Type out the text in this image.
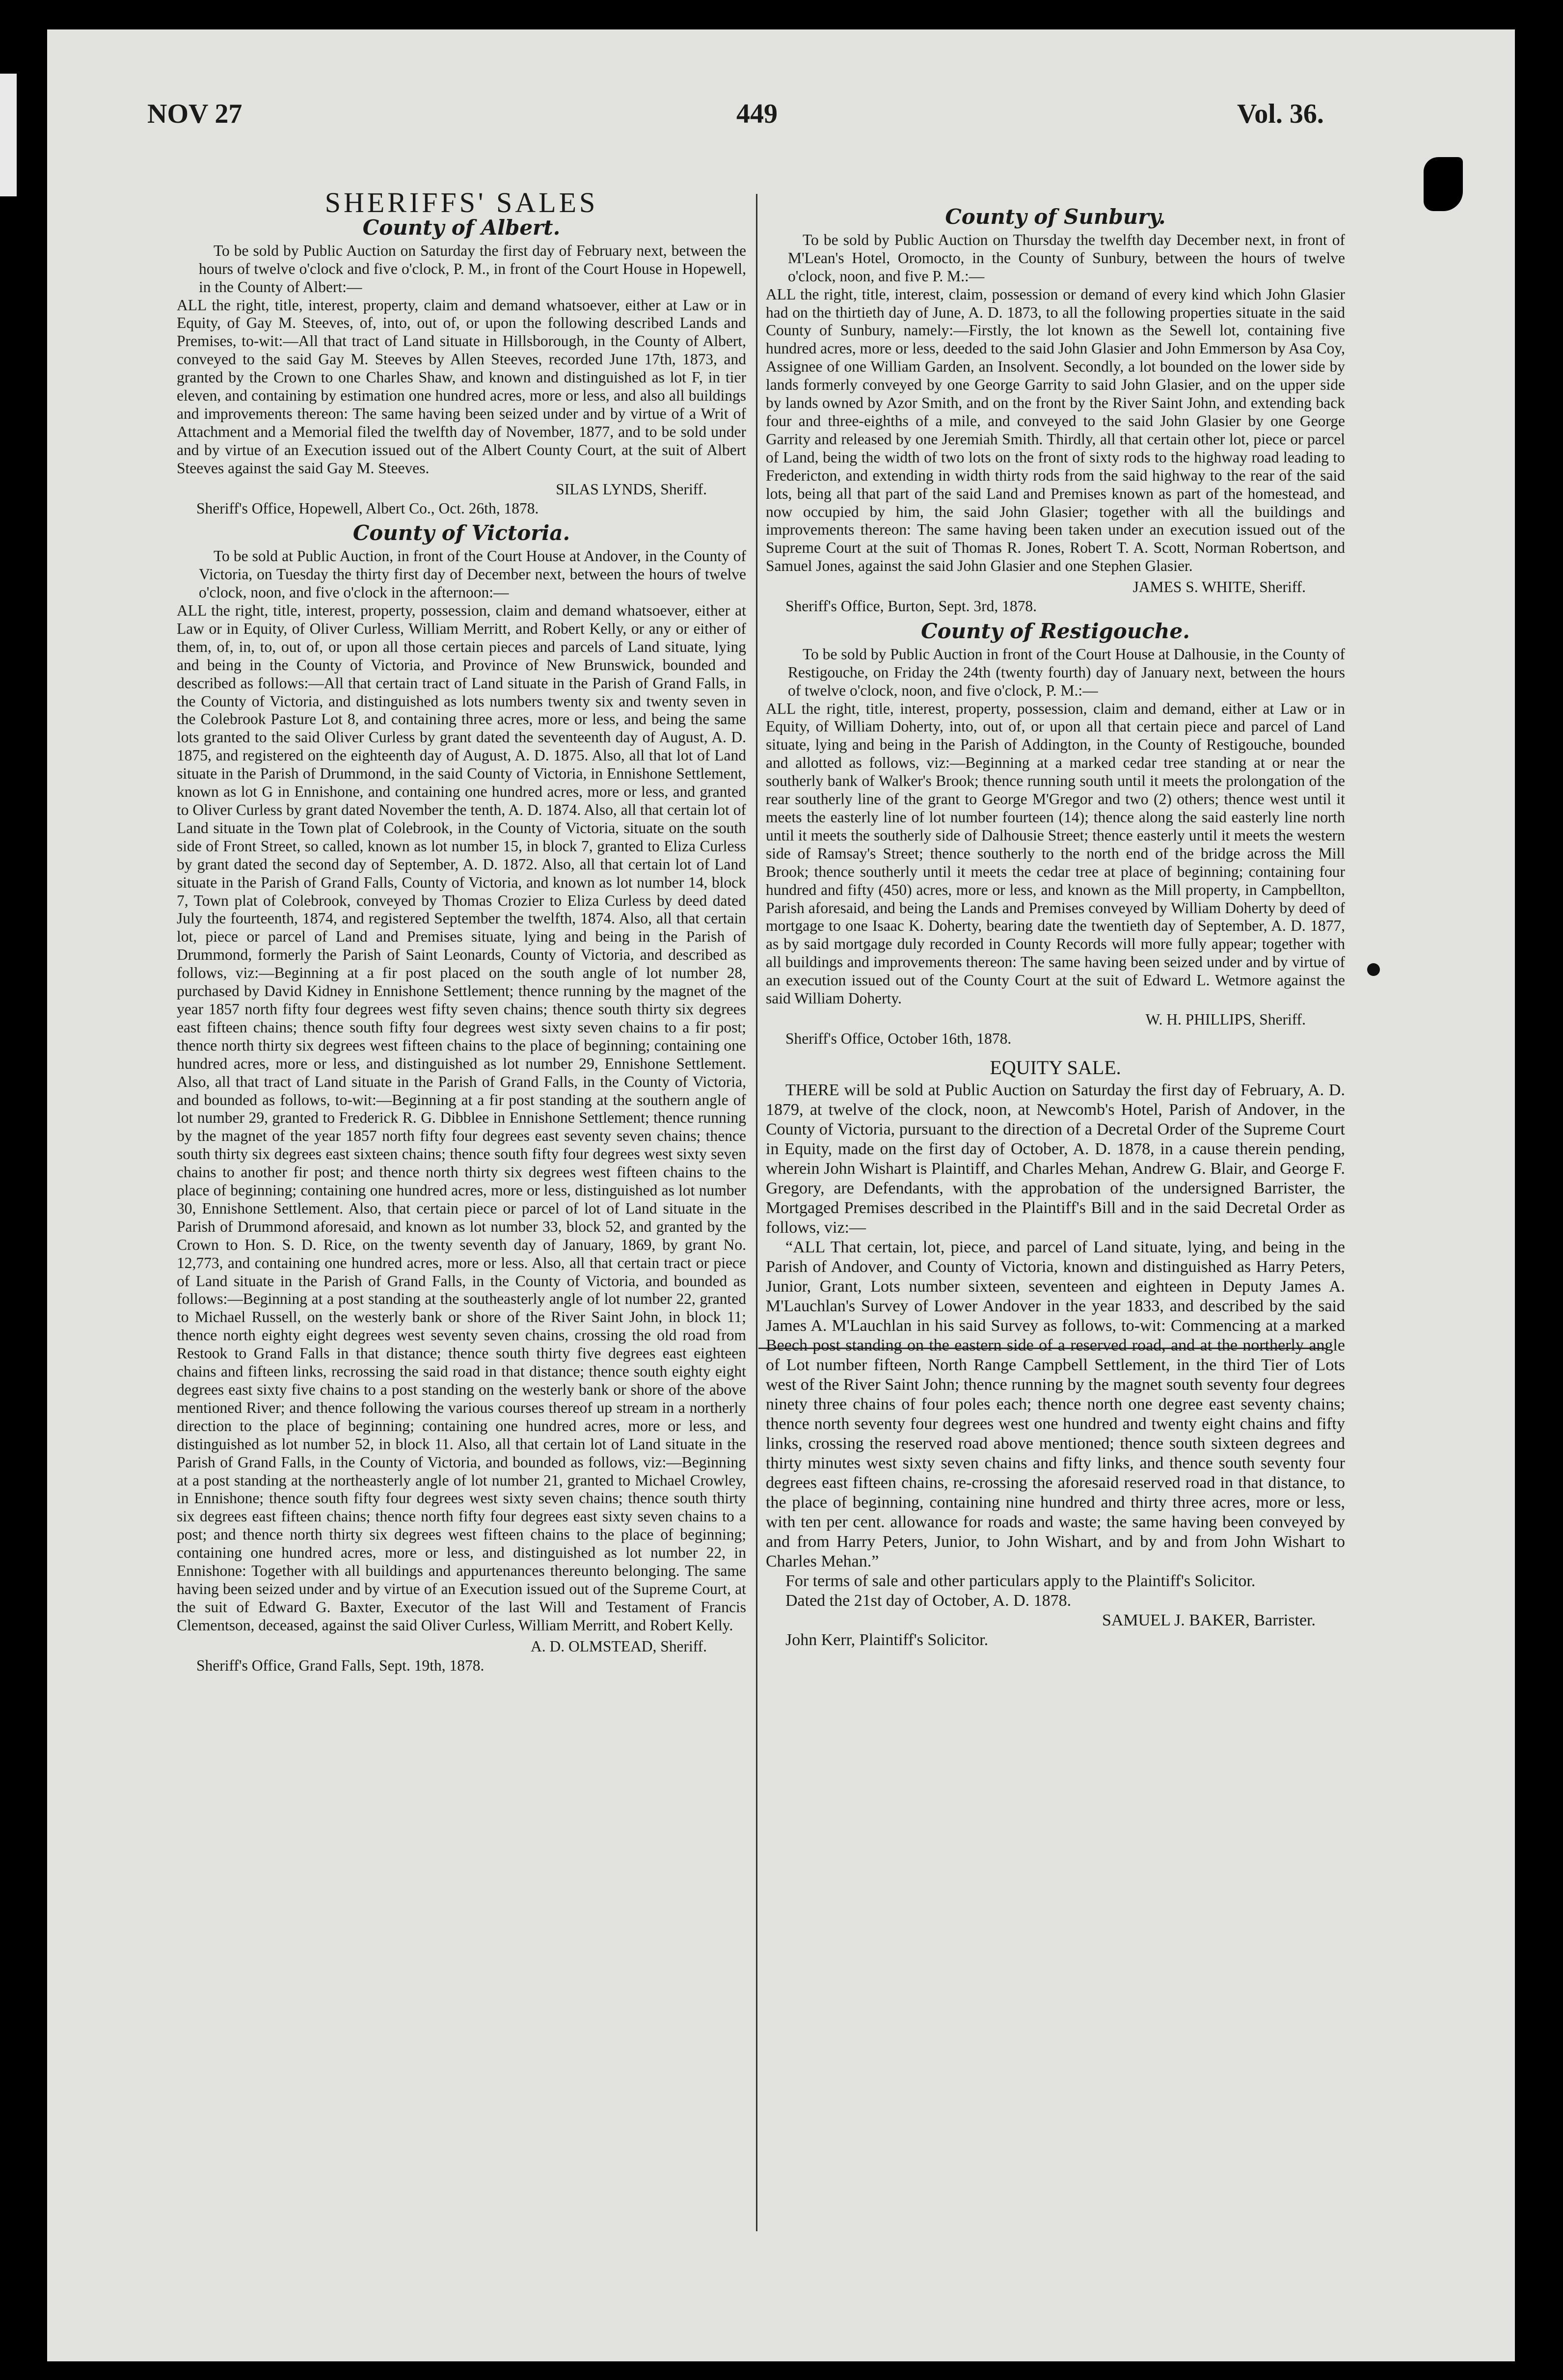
NOV 27	449	Vol. 36.
SHERIFFS' SALES
County of Albert.

To be sold by Public Auction on Saturday the first day of February next, between the hours of twelve o'clock and five o'clock, P. M., in front of the Court House in Hopewell, in the County of Albert:—

ALL the right, title, interest, property, claim and demand whatsoever, either at Law or in Equity, of Gay M. Steeves, of, into, out of, or upon the following described Lands and Premises, to-wit:—All that tract of Land situate in Hillsborough, in the County of Albert, conveyed to the said Gay M. Steeves by Allen Steeves, recorded June 17th, 1873, and granted by the Crown to one Charles Shaw, and known and distinguished as lot F, in tier eleven, and containing by estimation one hundred acres, more or less, and also all buildings and improvements thereon: The same having been seized under and by virtue of a Writ of Attachment and a Memorial filed the twelfth day of November, 1877, and to be sold under and by virtue of an Execution issued out of the Albert County Court, at the suit of Albert Steeves against the said Gay M. Steeves.

SILAS LYNDS, Sheriff.

Sheriff's Office, Hopewell, Albert Co., Oct. 26th, 1878.

County of Victoria.

To be sold at Public Auction, in front of the Court House at Andover, in the County of Victoria, on Tuesday the thirty first day of December next, between the hours of twelve o'clock, noon, and five o'clock in the afternoon:—

ALL the right, title, interest, property, possession, claim and demand whatsoever, either at Law or in Equity, of Oliver Curless, William Merritt, and Robert Kelly, or any or either of them, of, in, to, out of, or upon all those certain pieces and parcels of Land situate, lying and being in the County of Victoria, and Province of New Brunswick, bounded and described as follows:—All that certain tract of Land situate in the Parish of Grand Falls, in the County of Victoria, and distinguished as lots numbers twenty six and twenty seven in the Colebrook Pasture Lot 8, and containing three acres, more or less, and being the same lots granted to the said Oliver Curless by grant dated the seventeenth day of August, A. D. 1875, and registered on the eighteenth day of August, A. D. 1875. Also, all that lot of Land situate in the Parish of Drummond, in the said County of Victoria, in Ennishone Settlement, known as lot G in Ennishone, and containing one hundred acres, more or less, and granted to Oliver Curless by grant dated November the tenth, A. D. 1874. Also, all that certain lot of Land situate in the Town plat of Colebrook, in the County of Victoria, situate on the south side of Front Street, so called, known as lot number 15, in block 7, granted to Eliza Curless by grant dated the second day of September, A. D. 1872. Also, all that certain lot of Land situate in the Parish of Grand Falls, County of Victoria, and known as lot number 14, block 7, Town plat of Colebrook, conveyed by Thomas Crozier to Eliza Curless by deed dated July the fourteenth, 1874, and registered September the twelfth, 1874. Also, all that certain lot, piece or parcel of Land and Premises situate, lying and being in the Parish of Drummond, formerly the Parish of Saint Leonards, County of Victoria, and described as follows, viz:—Beginning at a fir post placed on the south angle of lot number 28, purchased by David Kidney in Ennishone Settlement; thence running by the magnet of the year 1857 north fifty four degrees west fifty seven chains; thence south thirty six degrees east fifteen chains; thence south fifty four degrees west sixty seven chains to a fir post; thence north thirty six degrees west fifteen chains to the place of beginning; containing one hundred acres, more or less, and distinguished as lot number 29, Ennishone Settlement. Also, all that tract of Land situate in the Parish of Grand Falls, in the County of Victoria, and bounded as follows, to-wit:—Beginning at a fir post standing at the southern angle of lot number 29, granted to Frederick R. G. Dibblee in Ennishone Settlement; thence running by the magnet of the year 1857 north fifty four degrees east seventy seven chains; thence south thirty six degrees east sixteen chains; thence south fifty four degrees west sixty seven chains to another fir post; and thence north thirty six degrees west fifteen chains to the place of beginning; containing one hundred acres, more or less, distinguished as lot number 30, Ennishone Settlement. Also, that certain piece or parcel of lot of Land situate in the Parish of Drummond aforesaid, and known as lot number 33, block 52, and granted by the Crown to Hon. S. D. Rice, on the twenty seventh day of January, 1869, by grant No. 12,773, and containing one hundred acres, more or less. Also, all that certain tract or piece of Land situate in the Parish of Grand Falls, in the County of Victoria, and bounded as follows:—Beginning at a post standing at the southeasterly angle of lot number 22, granted to Michael Russell, on the westerly bank or shore of the River Saint John, in block 11; thence north eighty eight degrees west seventy seven chains, crossing the old road from Restook to Grand Falls in that distance; thence south thirty five degrees east eighteen chains and fifteen links, recrossing the said road in that distance; thence south eighty eight degrees east sixty five chains to a post standing on the westerly bank or shore of the above mentioned River; and thence following the various courses thereof up stream in a northerly direction to the place of beginning; containing one hundred acres, more or less, and distinguished as lot number 52, in block 11. Also, all that certain lot of Land situate in the Parish of Grand Falls, in the County of Victoria, and bounded as follows, viz:—Beginning at a post standing at the northeasterly angle of lot number 21, granted to Michael Crowley, in Ennishone; thence south fifty four degrees west sixty seven chains; thence south thirty six degrees east fifteen chains; thence north fifty four degrees east sixty seven chains to a post; and thence north thirty six degrees west fifteen chains to the place of beginning; containing one hundred acres, more or less, and distinguished as lot number 22, in Ennishone: Together with all buildings and appurtenances thereunto belonging. The same having been seized under and by virtue of an Execution issued out of the Supreme Court, at the suit of Edward G. Baxter, Executor of the last Will and Testament of Francis Clementson, deceased, against the said Oliver Curless, William Merritt, and Robert Kelly.

A. D. OLMSTEAD, Sheriff.

Sheriff's Office, Grand Falls, Sept. 19th, 1878.

County of Sunbury.

To be sold by Public Auction on Thursday the twelfth day December next, in front of M'Lean's Hotel, Oromocto, in the County of Sunbury, between the hours of twelve o'clock, noon, and five P. M.:—

ALL the right, title, interest, claim, possession or demand of every kind which John Glasier had on the thirtieth day of June, A. D. 1873, to all the following properties situate in the said County of Sunbury, namely:—Firstly, the lot known as the Sewell lot, containing five hundred acres, more or less, deeded to the said John Glasier and John Emmerson by Asa Coy, Assignee of one William Garden, an Insolvent. Secondly, a lot bounded on the lower side by lands formerly conveyed by one George Garrity to said John Glasier, and on the upper side by lands owned by Azor Smith, and on the front by the River Saint John, and extending back four and three-eighths of a mile, and conveyed to the said John Glasier by one George Garrity and released by one Jeremiah Smith. Thirdly, all that certain other lot, piece or parcel of Land, being the width of two lots on the front of sixty rods to the highway road leading to Fredericton, and extending in width thirty rods from the said highway to the rear of the said lots, being all that part of the said Land and Premises known as part of the homestead, and now occupied by him, the said John Glasier; together with all the buildings and improvements thereon: The same having been taken under an execution issued out of the Supreme Court at the suit of Thomas R. Jones, Robert T. A. Scott, Norman Robertson, and Samuel Jones, against the said John Glasier and one Stephen Glasier.

JAMES S. WHITE, Sheriff.

Sheriff's Office, Burton, Sept. 3rd, 1878.

County of Restigouche.

To be sold by Public Auction in front of the Court House at Dalhousie, in the County of Restigouche, on Friday the 24th (twenty fourth) day of January next, between the hours of twelve o'clock, noon, and five o'clock, P. M.:—

ALL the right, title, interest, property, possession, claim and demand, either at Law or in Equity, of William Doherty, into, out of, or upon all that certain piece and parcel of Land situate, lying and being in the Parish of Addington, in the County of Restigouche, bounded and allotted as follows, viz:—Beginning at a marked cedar tree standing at or near the southerly bank of Walker's Brook; thence running south until it meets the prolongation of the rear southerly line of the grant to George M'Gregor and two (2) others; thence west until it meets the easterly line of lot number fourteen (14); thence along the said easterly line north until it meets the southerly side of Dalhousie Street; thence easterly until it meets the western side of Ramsay's Street; thence southerly to the north end of the bridge across the Mill Brook; thence southerly until it meets the cedar tree at place of beginning; containing four hundred and fifty (450) acres, more or less, and known as the Mill property, in Campbellton, Parish aforesaid, and being the Lands and Premises conveyed by William Doherty by deed of mortgage to one Isaac K. Doherty, bearing date the twentieth day of September, A. D. 1877, as by said mortgage duly recorded in County Records will more fully appear; together with all buildings and improvements thereon: The same having been seized under and by virtue of an execution issued out of the County Court at the suit of Edward L. Wetmore against the said William Doherty.

W. H. PHILLIPS, Sheriff.

Sheriff's Office, October 16th, 1878.

EQUITY SALE.

THERE will be sold at Public Auction on Saturday the first day of February, A. D. 1879, at twelve of the clock, noon, at Newcomb's Hotel, Parish of Andover, in the County of Victoria, pursuant to the direction of a Decretal Order of the Supreme Court in Equity, made on the first day of October, A. D. 1878, in a cause therein pending, wherein John Wishart is Plaintiff, and Charles Mehan, Andrew G. Blair, and George F. Gregory, are Defendants, with the approbation of the undersigned Barrister, the Mortgaged Premises described in the Plaintiff's Bill and in the said Decretal Order as follows, viz:—

“ALL That certain, lot, piece, and parcel of Land situate, lying, and being in the Parish of Andover, and County of Victoria, known and distinguished as Harry Peters, Junior, Grant, Lots number sixteen, seventeen and eighteen in Deputy James A. M'Lauchlan's Survey of Lower Andover in the year 1833, and described by the said James A. M'Lauchlan in his said Survey as follows, to-wit: Commencing at a marked Beech post standing on the eastern side of a reserved road, and at the northerly angle of Lot number fifteen, North Range Campbell Settlement, in the third Tier of Lots west of the River Saint John; thence running by the magnet south seventy four degrees ninety three chains of four poles each; thence north one degree east seventy chains; thence north seventy four degrees west one hundred and twenty eight chains and fifty links, crossing the reserved road above mentioned; thence south sixteen degrees and thirty minutes west sixty seven chains and fifty links, and thence south seventy four degrees east fifteen chains, re-crossing the aforesaid reserved road in that distance, to the place of beginning, containing nine hundred and thirty three acres, more or less, with ten per cent. allowance for roads and waste; the same having been conveyed by and from Harry Peters, Junior, to John Wishart, and by and from John Wishart to Charles Mehan.”

For terms of sale and other particulars apply to the Plaintiff's Solicitor.

Dated the 21st day of October, A. D. 1878.

SAMUEL J. BAKER, Barrister.

John Kerr, Plaintiff's Solicitor.
